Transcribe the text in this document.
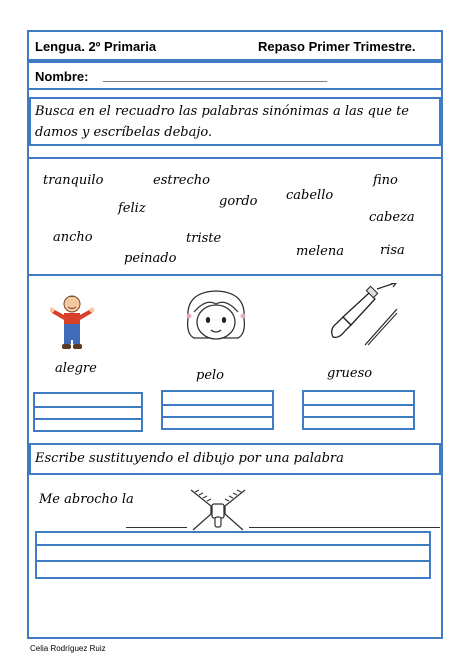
Lengua. 2º Primaria	Repaso Primer Trimestre.
Nombre: _______________________________
Busca en el recuadro las palabras sinónimas a las que te damos y escríbelas debajo.
tranquilo	estrecho	fino
feliz	gordo cabello
cabeza
ancho	triste
peinado	melena	risa
alegre	pelo	grueso
Escribe sustituyendo el dibujo por una palabra
Me abrocho la
Celia Rodríguez Ruiz
